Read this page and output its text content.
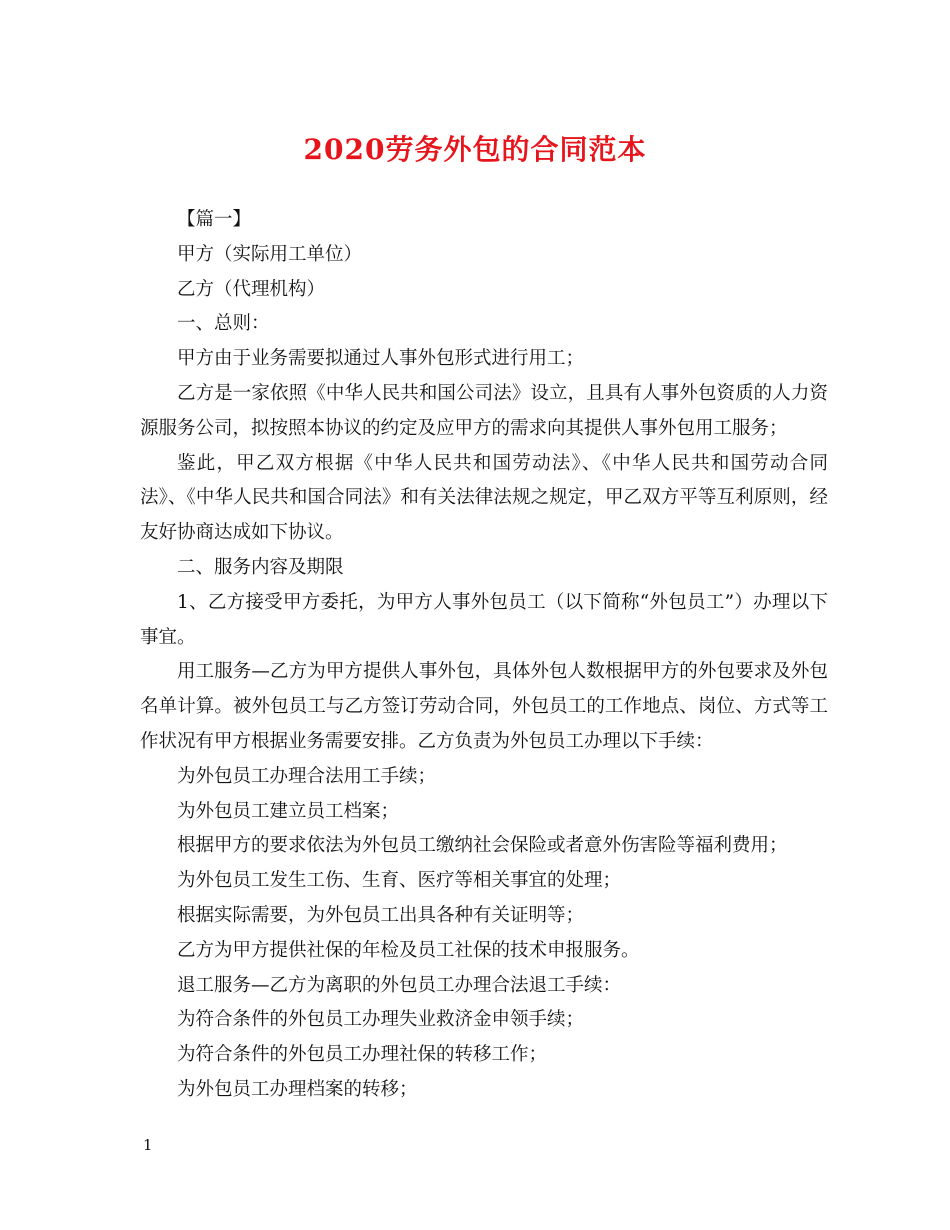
2020劳务外包的合同范本

【篇一】

甲方（实际用工单位）

乙方（代理机构）

一、总则：

甲方由于业务需要拟通过人事外包形式进行用工；

乙方是一家依照《中华人民共和国公司法》设立，且具有人事外包资质的人力资源服务公司，拟按照本协议的约定及应甲方的需求向其提供人事外包用工服务；

鉴此，甲乙双方根据《中华人民共和国劳动法》、《中华人民共和国劳动合同法》、《中华人民共和国合同法》和有关法律法规之规定，甲乙双方平等互利原则，经友好协商达成如下协议。

二、服务内容及期限

1、乙方接受甲方委托，为甲方人事外包员工（以下简称“外包员工”）办理以下事宜。

用工服务—乙方为甲方提供人事外包，具体外包人数根据甲方的外包要求及外包名单计算。被外包员工与乙方签订劳动合同，外包员工的工作地点、岗位、方式等工作状况有甲方根据业务需要安排。乙方负责为外包员工办理以下手续：

为外包员工办理合法用工手续；

为外包员工建立员工档案；

根据甲方的要求依法为外包员工缴纳社会保险或者意外伤害险等福利费用；

为外包员工发生工伤、生育、医疗等相关事宜的处理；

根据实际需要，为外包员工出具各种有关证明等；

乙方为甲方提供社保的年检及员工社保的技术申报服务。

退工服务—乙方为离职的外包员工办理合法退工手续：

为符合条件的外包员工办理失业救济金申领手续；

为符合条件的外包员工办理社保的转移工作；

为外包员工办理档案的转移；

1
